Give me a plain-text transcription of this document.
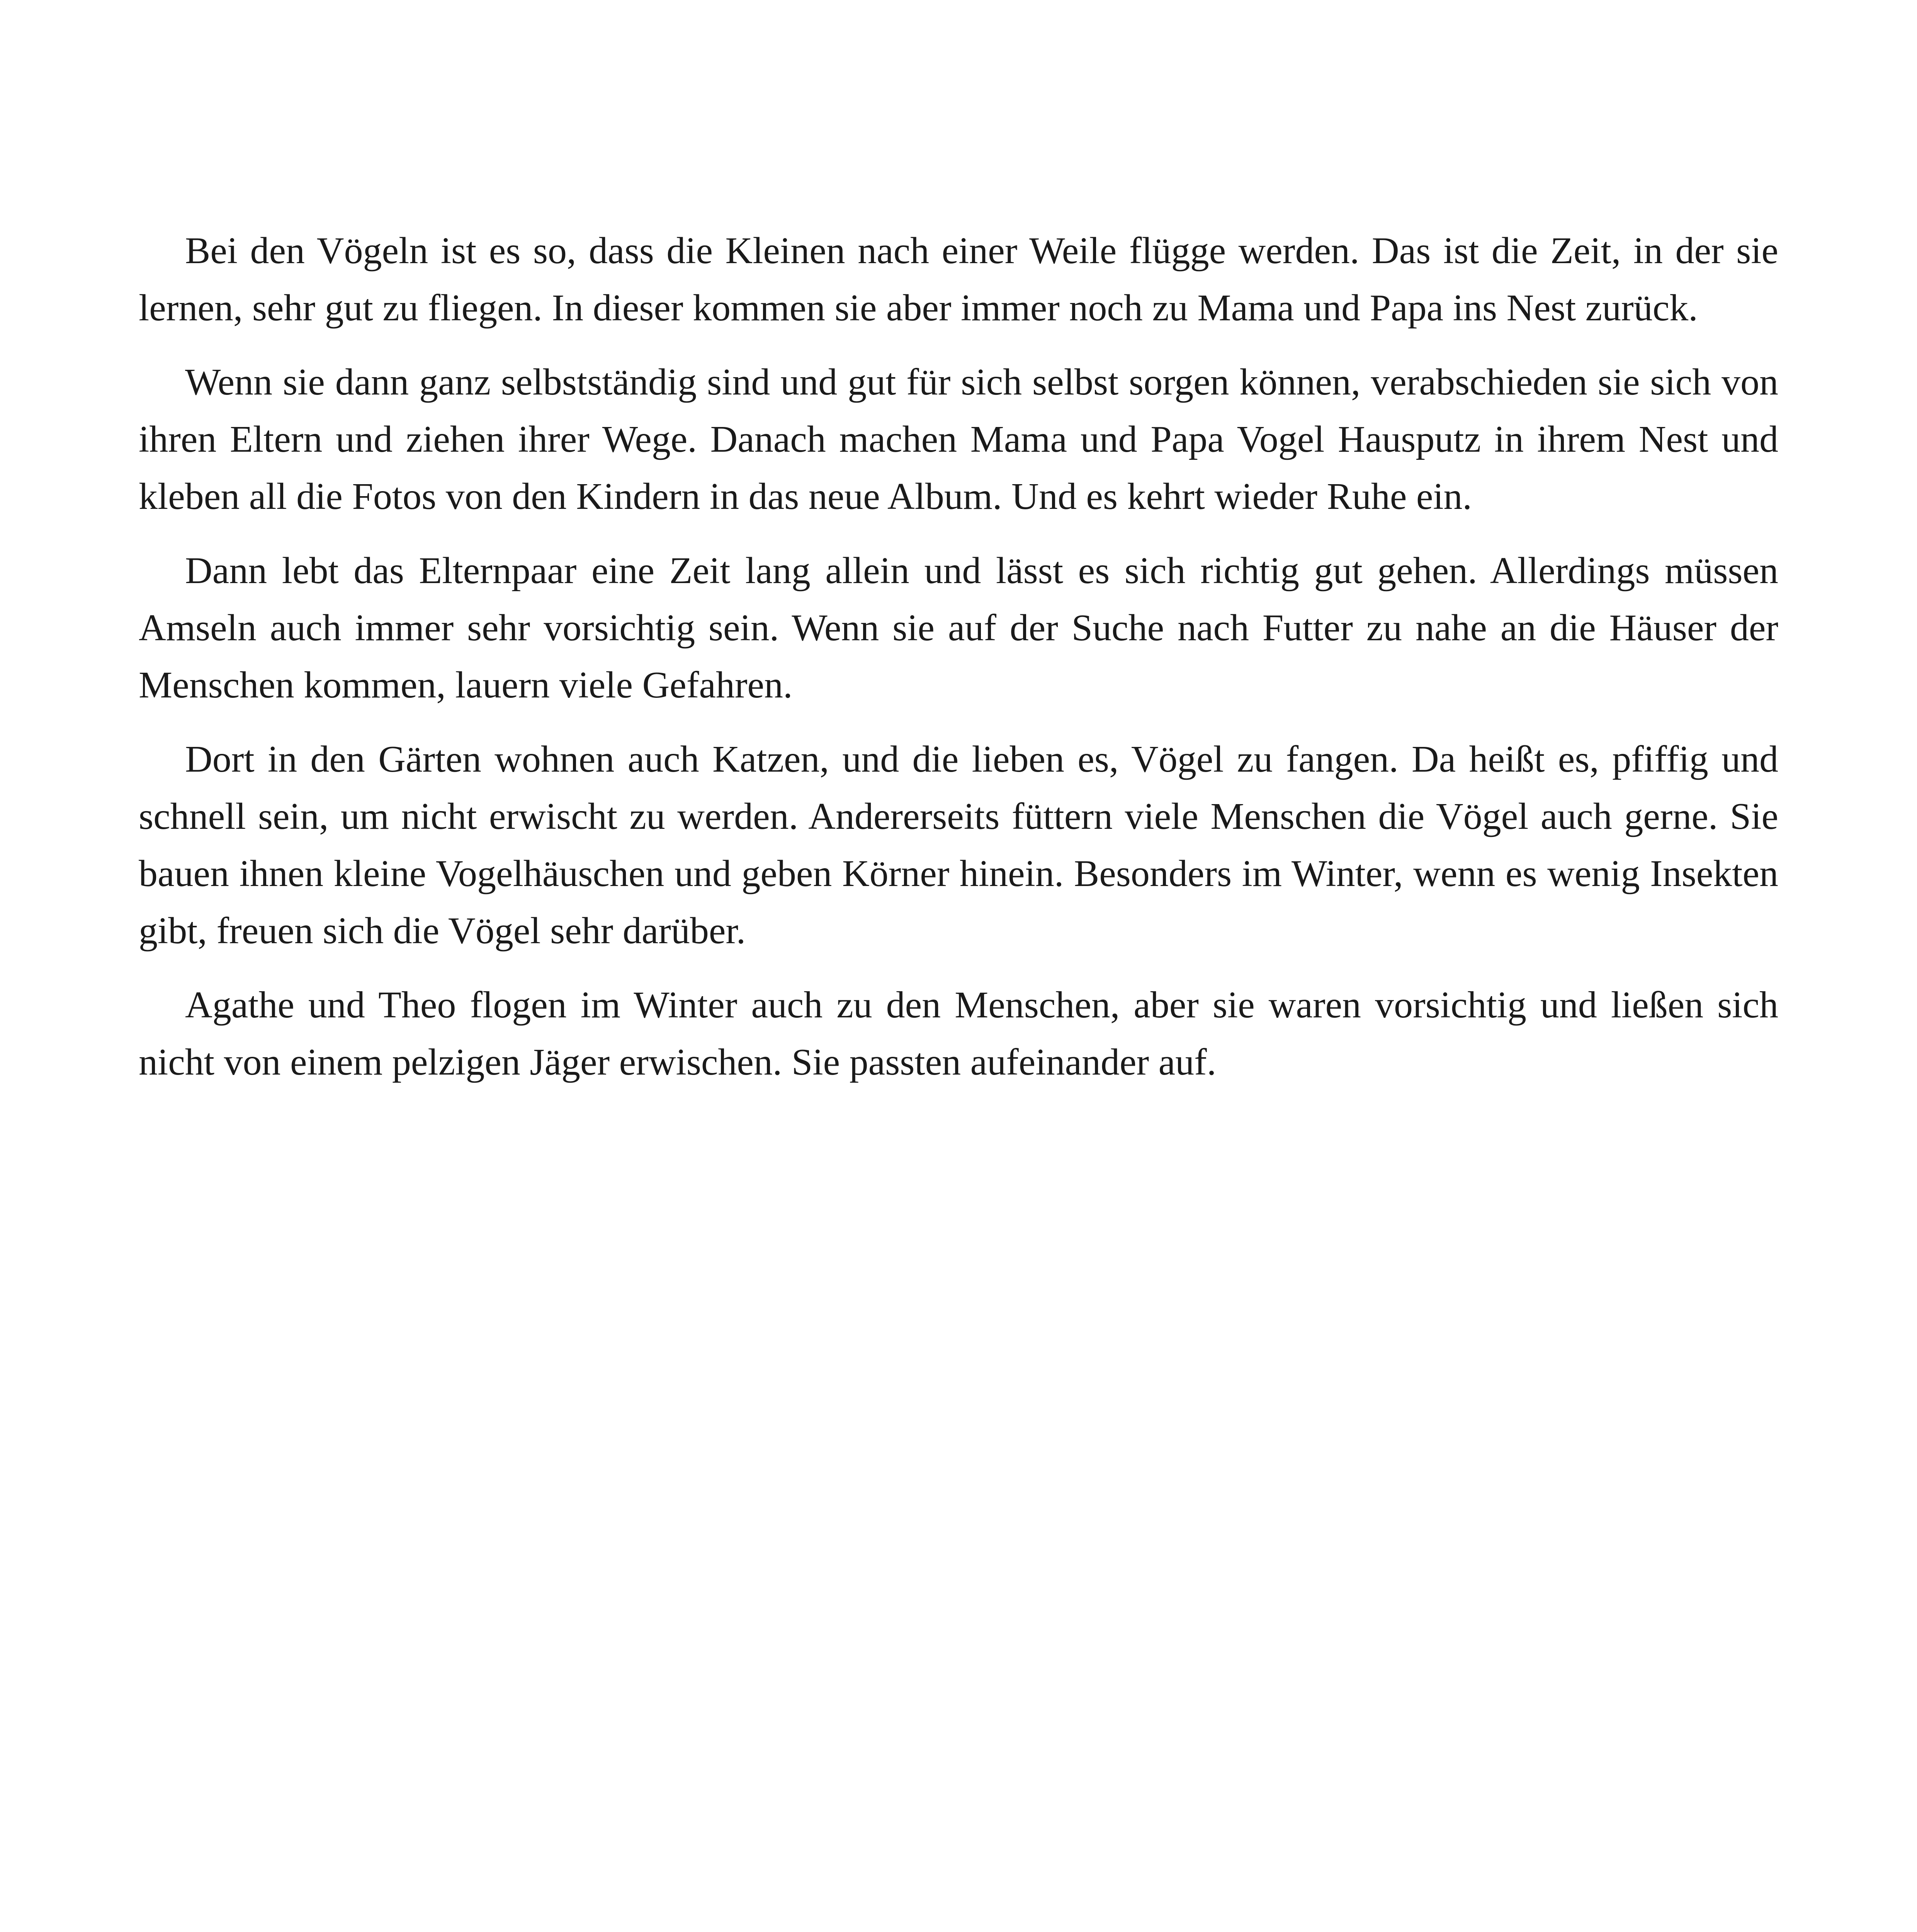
Bei den Vögeln ist es so, dass die Kleinen nach einer Weile flügge werden. Das ist die Zeit, in der sie lernen, sehr gut zu fliegen. In dieser kommen sie aber immer noch zu Mama und Papa ins Nest zurück.

Wenn sie dann ganz selbstständig sind und gut für sich selbst sorgen können, verabschieden sie sich von ihren Eltern und ziehen ihrer Wege. Danach machen Mama und Papa Vogel Hausputz in ihrem Nest und kleben all die Fotos von den Kindern in das neue Album. Und es kehrt wieder Ruhe ein.

Dann lebt das Elternpaar eine Zeit lang allein und lässt es sich richtig gut gehen. Allerdings müssen Amseln auch immer sehr vorsichtig sein. Wenn sie auf der Suche nach Futter zu nahe an die Häuser der Menschen kommen, lauern viele Gefahren.

Dort in den Gärten wohnen auch Katzen, und die lieben es, Vögel zu fangen. Da heißt es, pfiffig und schnell sein, um nicht erwischt zu werden. Andererseits füttern viele Menschen die Vögel auch gerne. Sie bauen ihnen kleine Vogelhäuschen und geben Körner hinein. Besonders im Winter, wenn es wenig Insekten gibt, freuen sich die Vögel sehr darüber.

Agathe und Theo flogen im Winter auch zu den Menschen, aber sie waren vorsichtig und ließen sich nicht von einem pelzigen Jäger erwischen. Sie passten aufeinander auf.
